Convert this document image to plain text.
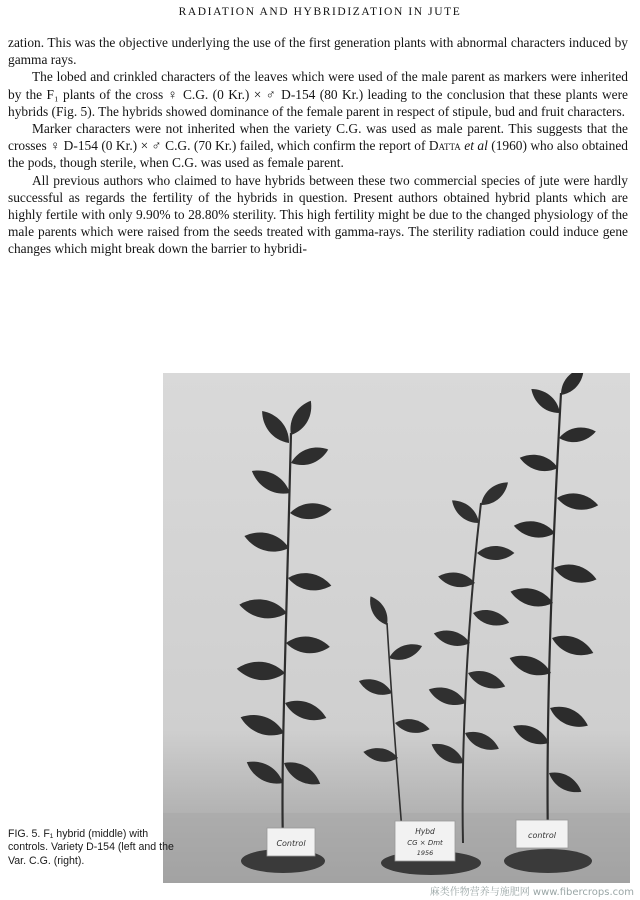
RADIATION AND HYBRIDIZATION IN JUTE

zation. This was the objective underlying the use of the first generation plants with abnormal characters induced by gamma rays.

The lobed and crinkled characters of the leaves which were used of the male parent as markers were inherited by the F₁ plants of the cross ♀ C.G. (0 Kr.) × ♂ D-154 (80 Kr.) leading to the conclusion that these plants were hybrids (Fig. 5). The hybrids showed dominance of the female parent in respect of stipule, bud and fruit characters.

Marker characters were not inherited when the variety C.G. was used as male parent. This suggests that the crosses ♀ D-154 (0 Kr.) × ♂ C.G. (70 Kr.) failed, which confirm the report of Datta et al (1960) who also obtained the pods, though sterile, when C.G. was used as female parent.

All previous authors who claimed to have hybrids between these two commercial species of jute were hardly successful as regards the fertility of the hybrids in question. Present authors obtained hybrid plants which are highly fertile with only 9.90% to 28.80% sterility. This high fertility might be due to the changed physiology of the male parents which were raised from the seeds treated with gamma-rays. The sterility radiation could induce gene changes which might break down the barrier to hybridi-

Control
Hybd
CG × Dmt
1956
control
FIG. 5. F₁ hybrid (middle) with controls. Variety D-154 (left and the Var. C.G. (right).
麻类作物营养与施肥网 www.fibercrops.com
